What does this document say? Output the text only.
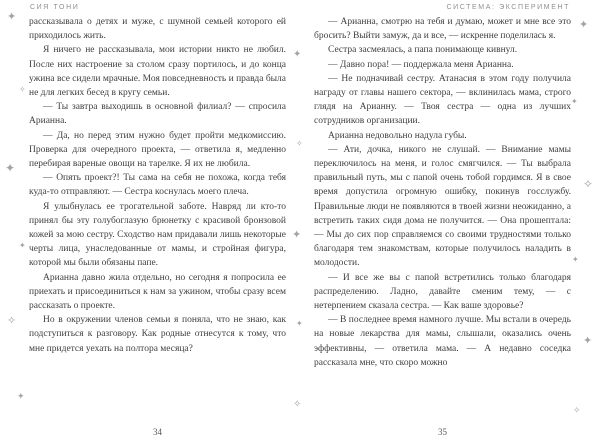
СИЯ ТОНИ

рассказывала о детях и муже, с шумной семьей которого ей приходилось жить.

Я ничего не рассказывала, мои истории никто не любил. После них настроение за столом сразу портилось, и до конца ужина все сидели мрачные. Моя повседневность и правда была не для легких бесед в кругу семьи.

— Ты завтра выходишь в основной филиал? — спросила Арианна.

— Да, но перед этим нужно будет пройти медкомиссию. Проверка для очередного проекта, — ответила я, медленно перебирая вареные овощи на тарелке. Я их не любила.

— Опять проект?! Ты сама на себя не похожа, когда тебя куда-то отправляют. — Сестра коснулась моего плеча.

Я улыбнулась ее трогательной заботе. Навряд ли кто-то принял бы эту голубоглазую брюнетку с красивой бронзовой кожей за мою сестру. Сходство нам придавали лишь некоторые черты лица, унаследованные от мамы, и стройная фигура, которой мы были обязаны папе.

Арианна давно жила отдельно, но сегодня я попросила ее приехать и присоединиться к нам за ужином, чтобы сразу всем рассказать о проекте.

Но в окружении членов семьи я поняла, что не знаю, как подступиться к разговору. Как родные отнесутся к тому, что мне придется уехать на полтора месяца?

34
СИСТЕМА: ЭКСПЕРИМЕНТ

— Арианна, смотрю на тебя и думаю, может и мне все это бросить? Выйти замуж, да и все, — искренне поделилась я.

Сестра засмеялась, а папа понимающе кивнул.

— Давно пора! — поддержала меня Арианна.

— Не подначивай сестру. Атанасия в этом году получила награду от главы нашего сектора, — вклинилась мама, строго глядя на Арианну. — Твоя сестра — одна из лучших сотрудников организации.

Арианна недовольно надула губы.

— Ати, дочка, никого не слушай. — Внимание мамы переключилось на меня, и голос смягчился. — Ты выбрала правильный путь, мы с папой очень тобой гордимся. Я в свое время допустила огромную ошибку, покинув госслужбу. Правильные люди не появляются в твоей жизни неожиданно, а встретить таких сидя дома не получится. — Она прошептала: — Мы до сих пор справляемся со своими трудностями только благодаря тем знакомствам, которые получилось наладить в молодости.

— И все же вы с папой встретились только благодаря распределению. Ладно, давайте сменим тему, — с нетерпением сказала сестра. — Как ваше здоровье?

— В последнее время намного лучше. Мы встали в очередь на новые лекарства для мамы, слышали, оказались очень эффективны, — ответила мама. — А недавно соседка рассказала мне, что скоро можно

35
✦
✧
✦
✦
✧
✦
✦
✧
✦
✦
✧
✦
✦
✧
✦
✦
✧
